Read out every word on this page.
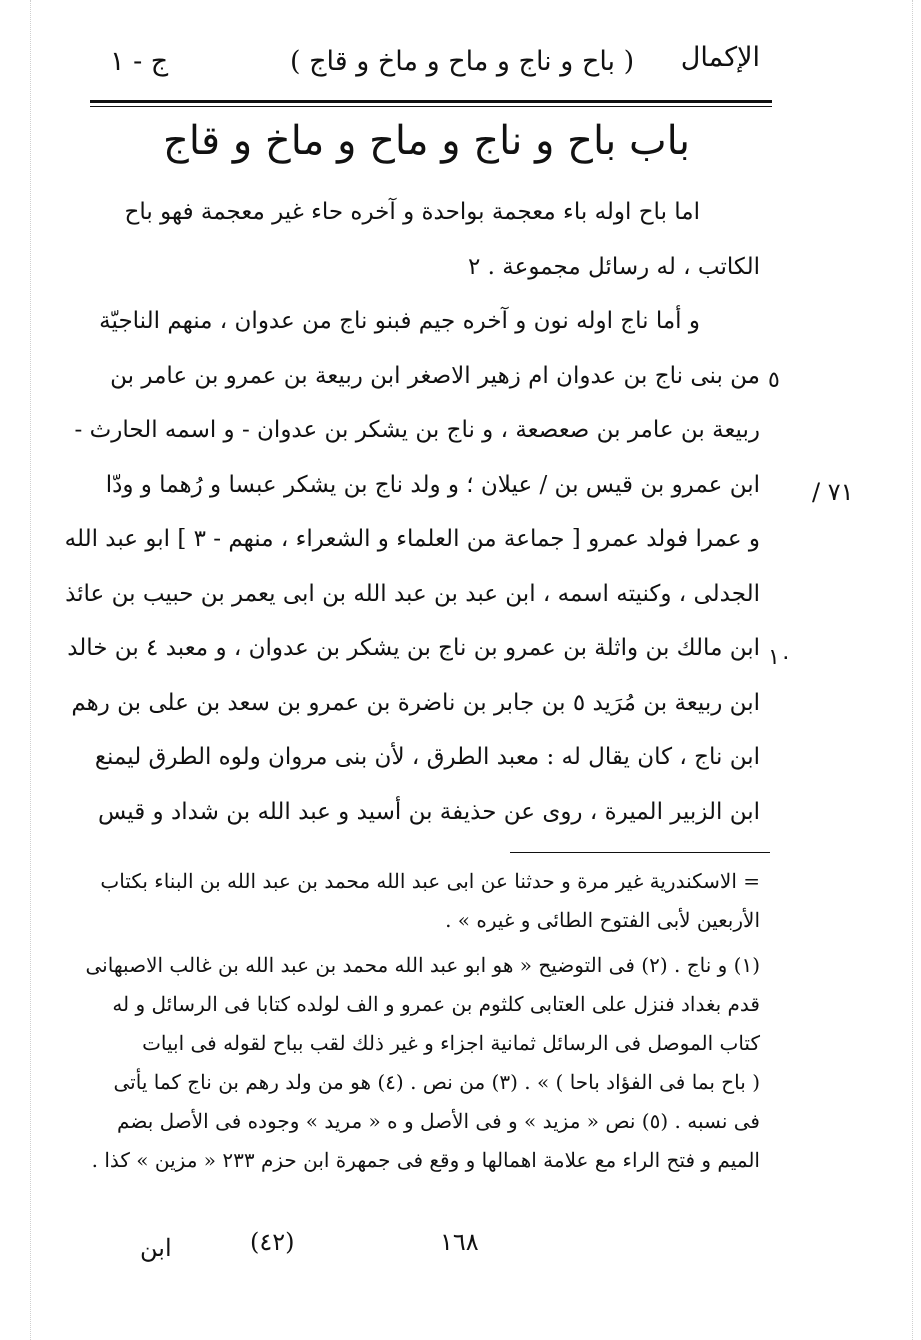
ج - ١	( باح و ناج و ماح و ماخ و قاج ) الإكمال
باب باح و ناج و ماح و ماخ و قاج
اما باح اوله باء معجمة بواحدة و آخره حاء غير معجمة فهو باح
الكاتب ، له رسائل مجموعة . ٢
و أما ناج اوله نون و آخره جيم فبنو ناج من عدوان ، منهم الناجيّة
من بنى ناج بن عدوان ام زهير الاصغر ابن ربيعة بن عمرو بن عامر بن
ربيعة بن عامر بن صعصعة ، و ناج بن يشكر بن عدوان - و اسمه الحارث -
ابن عمرو بن قيس بن / عيلان ؛ و ولد ناج بن يشكر عبسا و رُهما و ودّا
و عمرا فولد عمرو [ جماعة من العلماء و الشعراء ، منهم - ٣ ] ابو عبد الله
الجدلى ، وكنيته اسمه ، ابن عبد بن عبد الله بن ابى يعمر بن حبيب بن عائذ
ابن مالك بن واثلة بن عمرو بن ناج بن يشكر بن عدوان ، و معبد ٤ بن خالد
ابن ربيعة بن مُرَيد ٥ بن جابر بن ناضرة بن عمرو بن سعد بن على بن رهم
ابن ناج ، كان يقال له : معبد الطرق ، لأن بنى مروان ولوه الطرق ليمنع
ابن الزبير الميرة ، روى عن حذيفة بن أسيد و عبد الله بن شداد و قيس
٥
١٠
٧١ /
= الاسكندرية غير مرة و حدثنا عن ابى عبد الله محمد بن عبد الله بن البناء بكتاب
الأربعين لأبى الفتوح الطائى و غيره » .
(١) و ناج . (٢) فى التوضيح « هو ابو عبد الله محمد بن عبد الله بن غالب الاصبهانى
قدم بغداد فنزل على العتابى كلثوم بن عمرو و الف لولده كتابا فى الرسائل و له
كتاب الموصل فى الرسائل ثمانية اجزاء و غير ذلك لقب بباح لقوله فى ابيات
( باح بما فى الفؤاد باحا ) » . (٣) من نص . (٤) هو من ولد رهم بن ناج كما يأتى
فى نسبه . (٥) نص « مزيد » و فى الأصل و ه « مريد » وجوده فى الأصل بضم
الميم و فتح الراء مع علامة اهمالها و وقع فى جمهرة ابن حزم ٢٣٣ « مزين » كذا .
١٦٨
(٤٢)
ابن
